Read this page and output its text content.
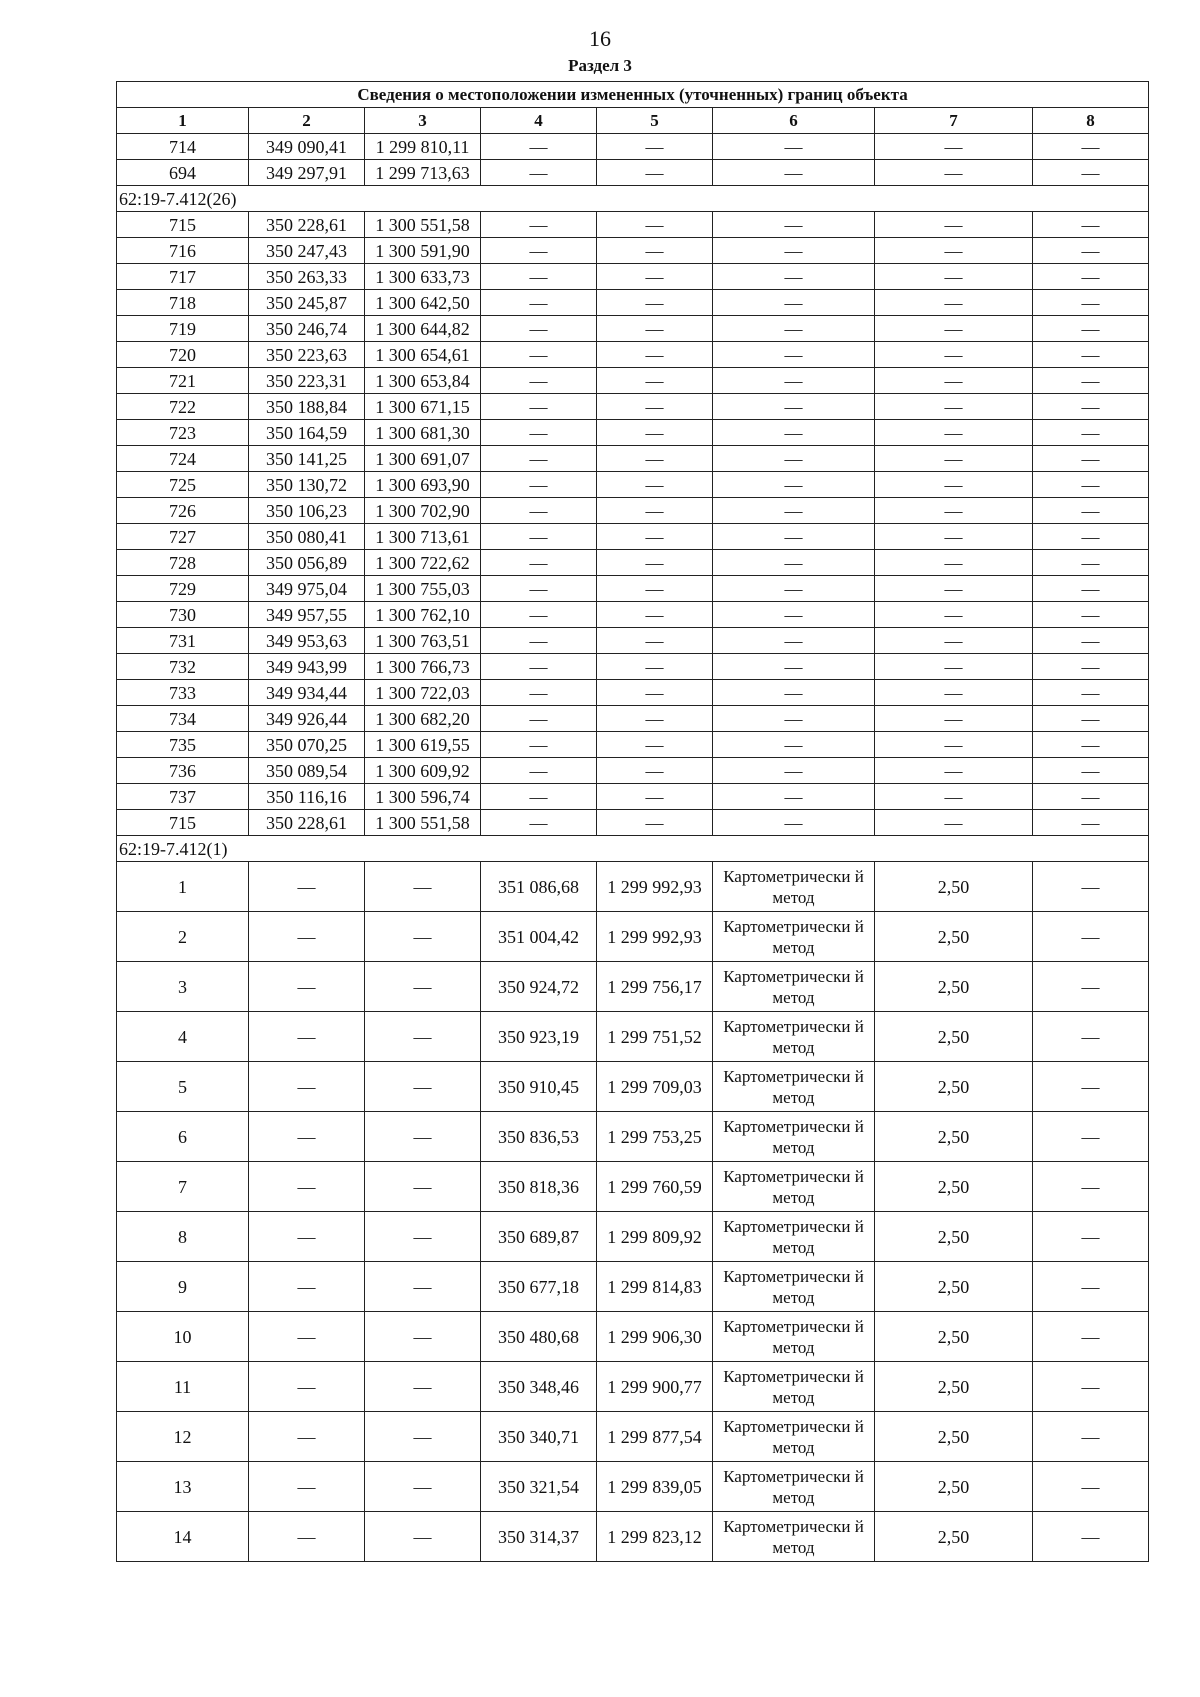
16
Раздел 3
Сведения о местоположении измененных (уточненных) границ объекта							
1	2	3	4	5	6	7	8
714	349 090,41	1 299 810,11	—	—	—	—	—
694	349 297,91	1 299 713,63	—	—	—	—	—
62:19-7.412(26)							
715	350 228,61	1 300 551,58	—	—	—	—	—
716	350 247,43	1 300 591,90	—	—	—	—	—
717	350 263,33	1 300 633,73	—	—	—	—	—
718	350 245,87	1 300 642,50	—	—	—	—	—
719	350 246,74	1 300 644,82	—	—	—	—	—
720	350 223,63	1 300 654,61	—	—	—	—	—
721	350 223,31	1 300 653,84	—	—	—	—	—
722	350 188,84	1 300 671,15	—	—	—	—	—
723	350 164,59	1 300 681,30	—	—	—	—	—
724	350 141,25	1 300 691,07	—	—	—	—	—
725	350 130,72	1 300 693,90	—	—	—	—	—
726	350 106,23	1 300 702,90	—	—	—	—	—
727	350 080,41	1 300 713,61	—	—	—	—	—
728	350 056,89	1 300 722,62	—	—	—	—	—
729	349 975,04	1 300 755,03	—	—	—	—	—
730	349 957,55	1 300 762,10	—	—	—	—	—
731	349 953,63	1 300 763,51	—	—	—	—	—
732	349 943,99	1 300 766,73	—	—	—	—	—
733	349 934,44	1 300 722,03	—	—	—	—	—
734	349 926,44	1 300 682,20	—	—	—	—	—
735	350 070,25	1 300 619,55	—	—	—	—	—
736	350 089,54	1 300 609,92	—	—	—	—	—
737	350 116,16	1 300 596,74	—	—	—	—	—
715	350 228,61	1 300 551,58	—	—	—	—	—
62:19-7.412(1)							
1	—	—	351 086,68	1 299 992,93	Картометрически й метод	2,50	—
2	—	—	351 004,42	1 299 992,93	Картометрически й метод	2,50	—
3	—	—	350 924,72	1 299 756,17	Картометрически й метод	2,50	—
4	—	—	350 923,19	1 299 751,52	Картометрически й метод	2,50	—
5	—	—	350 910,45	1 299 709,03	Картометрически й метод	2,50	—
6	—	—	350 836,53	1 299 753,25	Картометрически й метод	2,50	—
7	—	—	350 818,36	1 299 760,59	Картометрически й метод	2,50	—
8	—	—	350 689,87	1 299 809,92	Картометрически й метод	2,50	—
9	—	—	350 677,18	1 299 814,83	Картометрически й метод	2,50	—
10	—	—	350 480,68	1 299 906,30	Картометрически й метод	2,50	—
11	—	—	350 348,46	1 299 900,77	Картометрически й метод	2,50	—
12	—	—	350 340,71	1 299 877,54	Картометрически й метод	2,50	—
13	—	—	350 321,54	1 299 839,05	Картометрически й метод	2,50	—
14	—	—	350 314,37	1 299 823,12	Картометрически й метод	2,50	—
